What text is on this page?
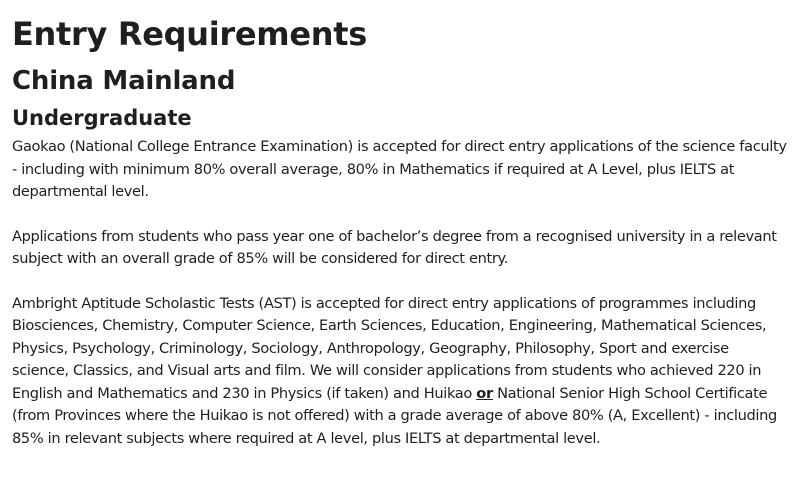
Entry Requirements
China Mainland
Undergraduate

Gaokao (National College Entrance Examination) is accepted for direct entry applications of the science faculty - including with minimum 80% overall average, 80% in Mathematics if required at A Level, plus IELTS at departmental level.

Applications from students who pass year one of bachelor’s degree from a recognised university in a relevant subject with an overall grade of 85% will be considered for direct entry.

Ambright Aptitude Scholastic Tests (AST) is accepted for direct entry applications of programmes including Biosciences, Chemistry, Computer Science, Earth Sciences, Education, Engineering, Mathematical Sciences, Physics, Psychology, Criminology, Sociology, Anthropology, Geography, Philosophy, Sport and exercise science, Classics, and Visual arts and film. We will consider applications from students who achieved 220 in English and Mathematics and 230 in Physics (if taken) and Huikao or National Senior High School Certificate (from Provinces where the Huikao is not offered) with a grade average of above 80% (A, Excellent) - including 85% in relevant subjects where required at A level, plus IELTS at departmental level.
